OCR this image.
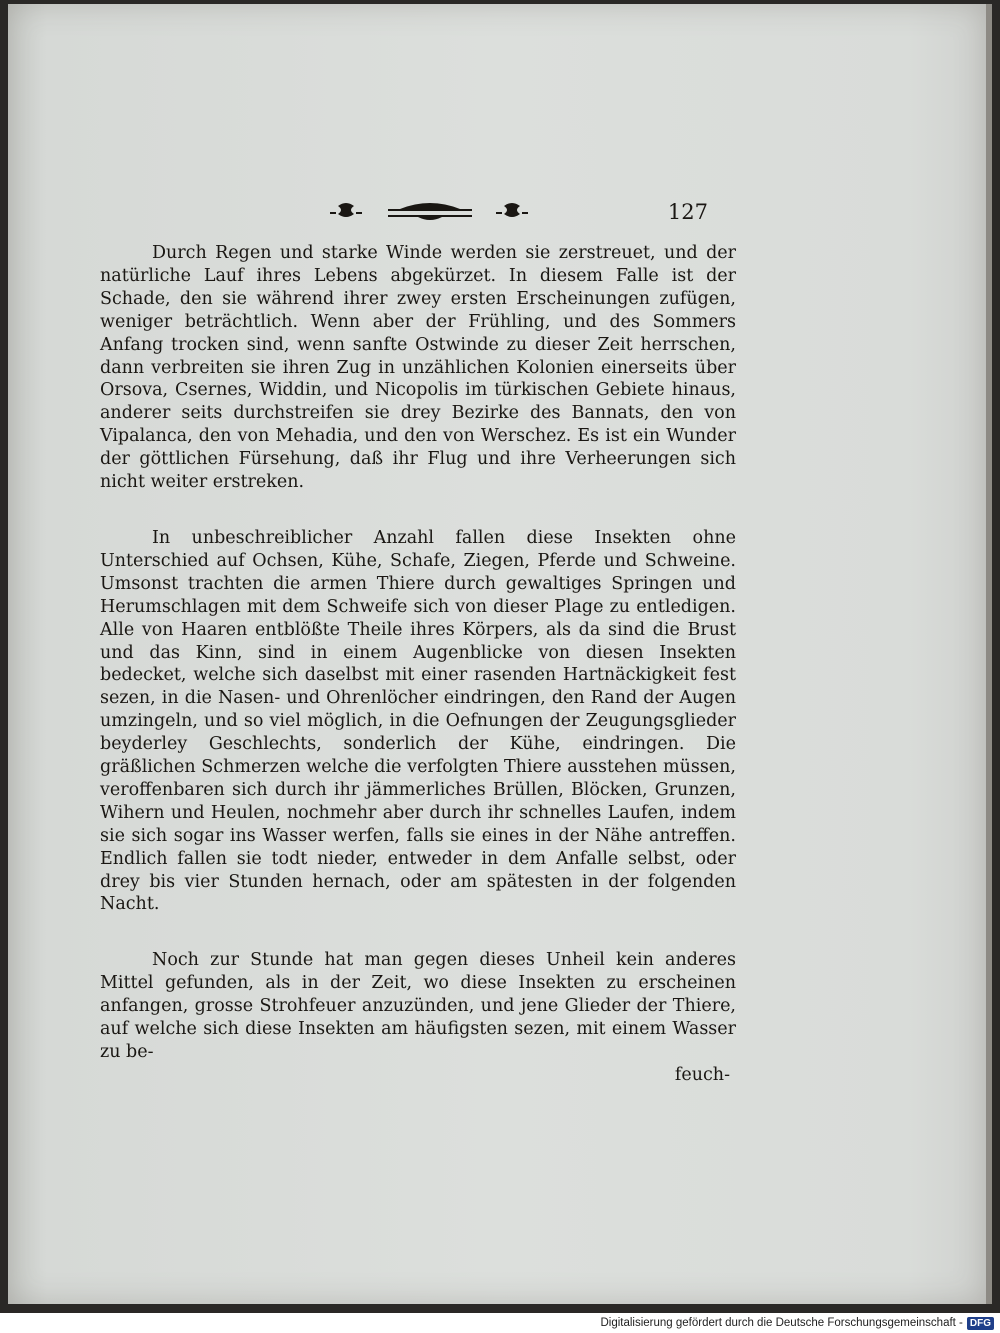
127

Durch Regen und starke Winde werden sie zerstreuet, und der natürliche Lauf ihres Lebens abgekürzet. In diesem Falle ist der Schade, den sie während ihrer zwey ersten Erscheinungen zufügen, weniger beträchtlich. Wenn aber der Frühling, und des Sommers Anfang trocken sind, wenn sanfte Ostwinde zu dieser Zeit herrschen, dann verbreiten sie ihren Zug in unzählichen Kolonien einerseits über Orsova, Csernes, Widdin, und Nicopolis im türkischen Gebiete hinaus, anderer seits durchstreifen sie drey Bezirke des Bannats, den von Vipalanca, den von Mehadia, und den von Werschez. Es ist ein Wunder der göttlichen Fürsehung, daß ihr Flug und ihre Verheerungen sich nicht weiter erstreken.

In unbeschreiblicher Anzahl fallen diese Insekten ohne Unterschied auf Ochsen, Kühe, Schafe, Ziegen, Pferde und Schweine. Umsonst trachten die armen Thiere durch gewaltiges Springen und Herumschlagen mit dem Schweife sich von dieser Plage zu entledigen. Alle von Haaren entblößte Theile ihres Körpers, als da sind die Brust und das Kinn, sind in einem Augenblicke von diesen Insekten bedecket, welche sich daselbst mit einer rasenden Hartnäckigkeit fest sezen, in die Nasen- und Ohrenlöcher eindringen, den Rand der Augen umzingeln, und so viel möglich, in die Oefnungen der Zeugungsglieder beyderley Geschlechts, sonderlich der Kühe, eindringen. Die gräßlichen Schmerzen welche die verfolgten Thiere ausstehen müssen, veroffenbaren sich durch ihr jämmerliches Brüllen, Blöcken, Grunzen, Wihern und Heulen, nochmehr aber durch ihr schnelles Laufen, indem sie sich sogar ins Wasser werfen, falls sie eines in der Nähe antreffen. Endlich fallen sie todt nieder, entweder in dem Anfalle selbst, oder drey bis vier Stunden hernach, oder am spätesten in der folgenden Nacht.

Noch zur Stunde hat man gegen dieses Unheil kein anderes Mittel gefunden, als in der Zeit, wo diese Insekten zu erscheinen anfangen, grosse Strohfeuer anzuzünden, und jene Glieder der Thiere, auf welche sich diese Insekten am häufigsten sezen, mit einem Wasser zu be-

feuch-

Digitalisierung gefördert durch die Deutsche Forschungsgemeinschaft - DFG
